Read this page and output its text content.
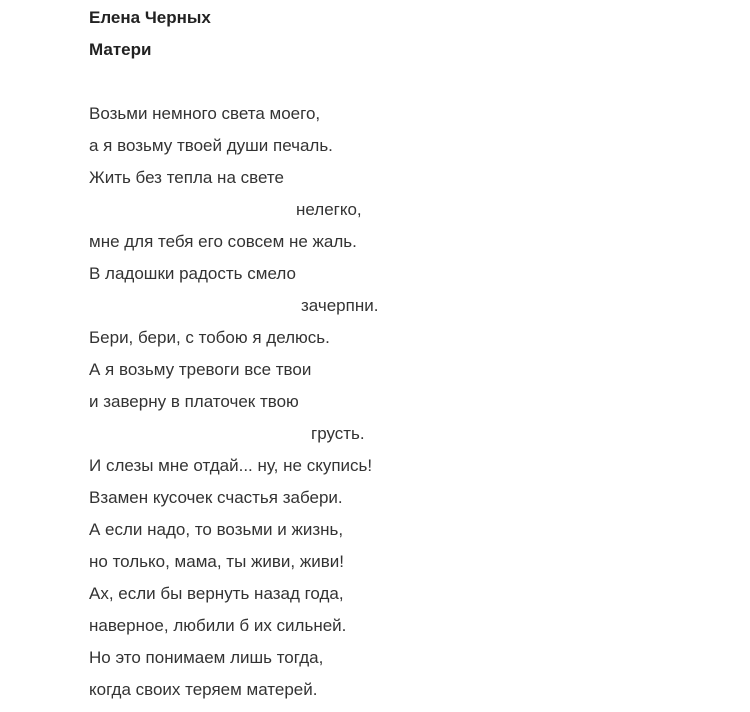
Елена Черных
Матери
Возьми немного света моего,
а я возьму твоей души печаль.
Жить без тепла на свете
нелегко,
мне для тебя его совсем не жаль.
В ладошки радость смело
зачерпни.
Бери, бери, с тобою я делюсь.
А я возьму тревоги все твои
и заверну в платочек твою
грусть.
И слезы мне отдай... ну, не скупись!
Взамен кусочек счастья забери.
А если надо, то возьми и жизнь,
но только, мама, ты живи, живи!
Ах, если бы вернуть назад года,
наверное, любили б их сильней.
Но это понимаем лишь тогда,
когда своих теряем матерей.
